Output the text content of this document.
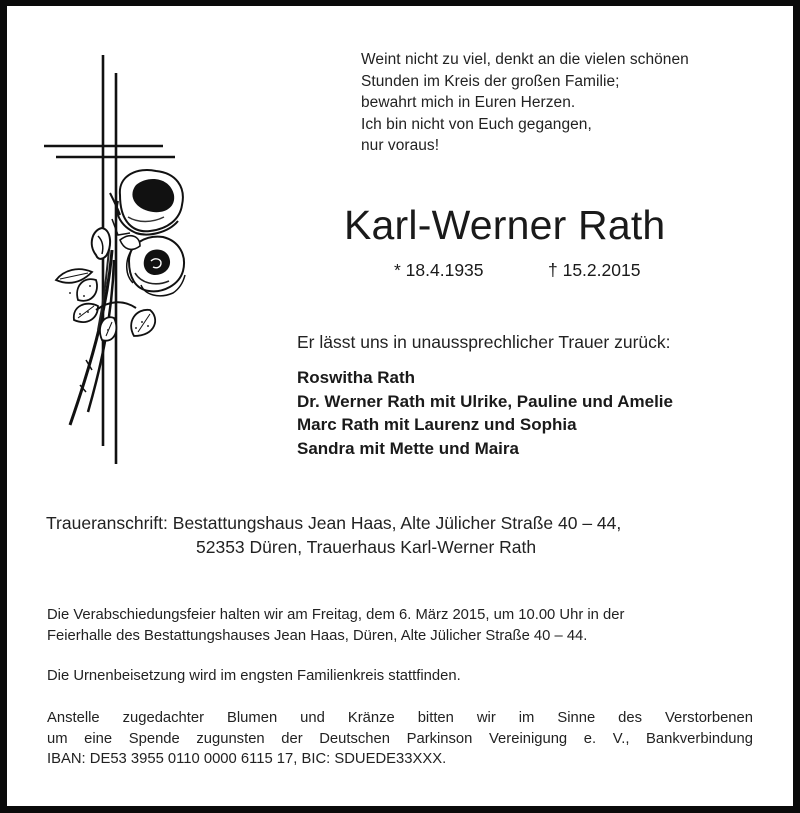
Weint nicht zu viel, denkt an die vielen schönen
Stunden im Kreis der großen Familie;
bewahrt mich in Euren Herzen.
Ich bin nicht von Euch gegangen,
nur voraus!
Karl-Werner Rath
* 18.4.1935	† 15.2.2015
Er lässt uns in unaussprechlicher Trauer zurück:
Roswitha Rath
Dr. Werner Rath mit Ulrike, Pauline und Amelie
Marc Rath mit Laurenz und Sophia
Sandra mit Mette und Maira
Traueranschrift: Bestattungshaus Jean Haas, Alte Jülicher Straße 40 – 44,
52353 Düren, Trauerhaus Karl-Werner Rath
Die Verabschiedungsfeier halten wir am Freitag, dem 6. März 2015, um 10.00 Uhr in der
Feierhalle des Bestattungshauses Jean Haas, Düren, Alte Jülicher Straße 40 – 44.
Die Urnenbeisetzung wird im engsten Familienkreis stattfinden.
Anstelle zugedachter Blumen und Kränze bitten wir im Sinne des Verstorbenen
um eine Spende zugunsten der Deutschen Parkinson Vereinigung e. V., Bankverbindung
IBAN: DE53 3955 0110 0000 6115 17, BIC: SDUEDE33XXX.
